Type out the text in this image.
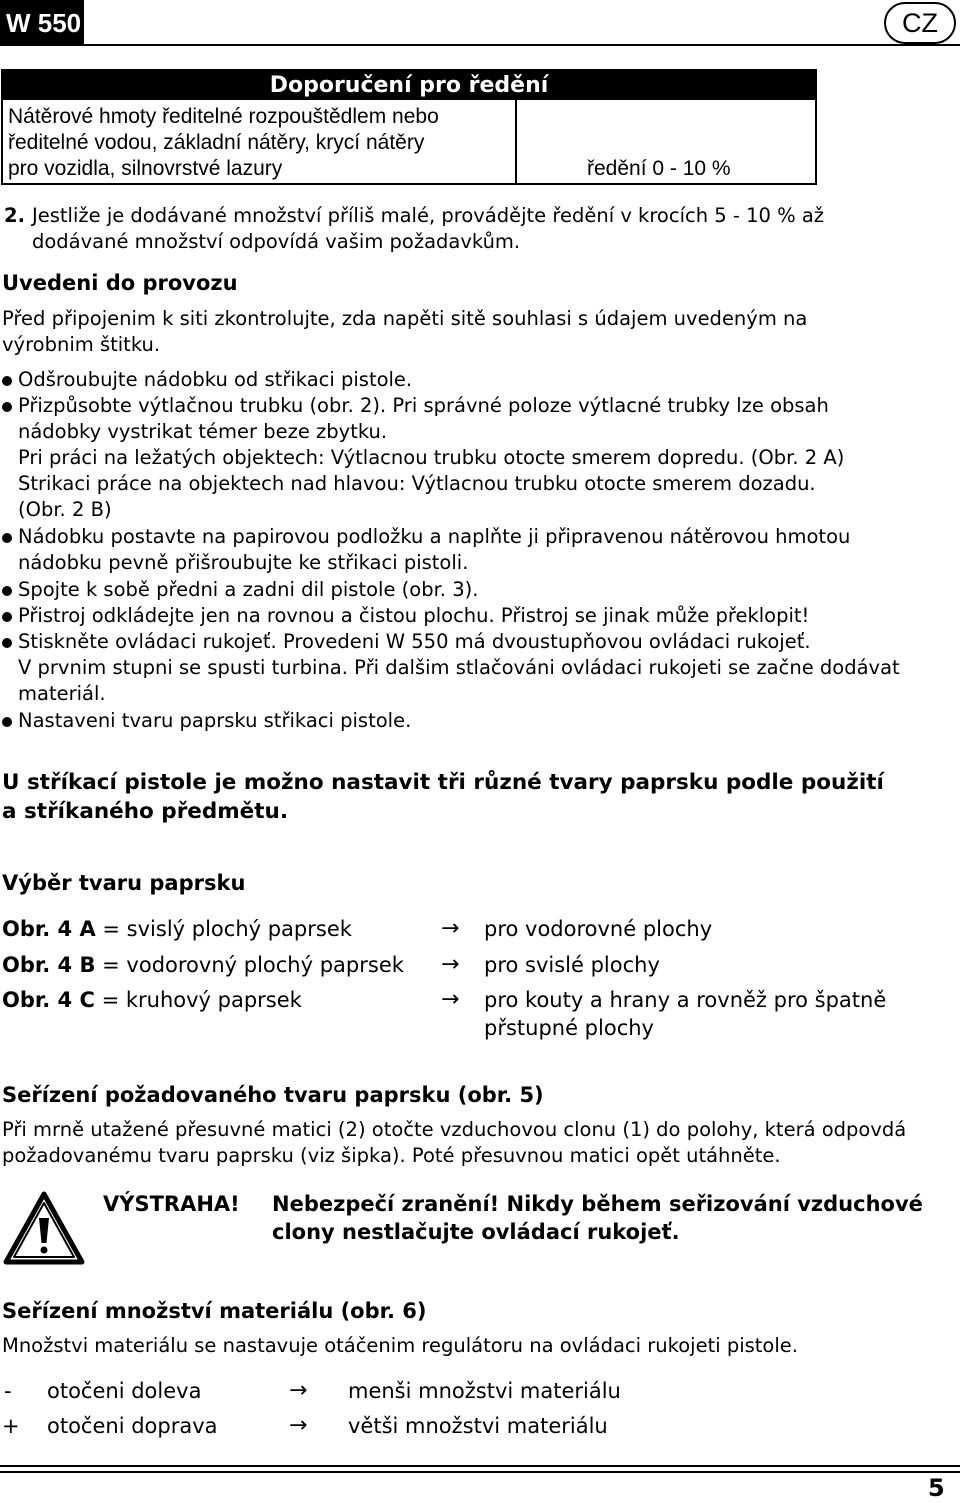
W 550	CZ
Doporučení pro ředění
Nátěrové hmoty ředitelné rozpouštědlem nebo
ředitelné vodou, základní nátěry, krycí nátěry
pro vozidla, silnovrstvé lazury	ředění 0 - 10 %
2. Jestliže je dodávané množství příliš malé, provádějte ředění v krocích 5 - 10 % až
dodávané množství odpovídá vašim požadavkům.
Uvedeni do provozu
Před připojenim k siti zkontrolujte, zda napěti sitě souhlasi s údajem uvedeným na
výrobnim štitku.
Odšroubujte nádobku od střikaci pistole.
Přizpůsobte výtlačnou trubku (obr. 2). Pri správné poloze výtlacné trubky lze obsah
nádobky vystrikat témer beze zbytku.
Pri práci na ležatých objektech: Výtlacnou trubku otocte smerem dopredu. (Obr. 2 A)
Strikaci práce na objektech nad hlavou: Výtlacnou trubku otocte smerem dozadu.
(Obr. 2 B)
Nádobku postavte na papirovou podložku a naplňte ji připravenou nátěrovou hmotou
nádobku pevně přišroubujte ke střikaci pistoli.
Spojte k sobě předni a zadni dil pistole (obr. 3).
Přistroj odkládejte jen na rovnou a čistou plochu. Přistroj se jinak může překlopit!
Stiskněte ovládaci rukojeť. Provedeni W 550 má dvoustupňovou ovládaci rukojeť.
V prvnim stupni se spusti turbina. Při dalšim stlačováni ovládaci rukojeti se začne dodávat
materiál.
Nastaveni tvaru paprsku střikaci pistole.
U stříkací pistole je možno nastavit tři různé tvary paprsku podle použití
a stříkaného předmětu.
Výběr tvaru paprsku
Obr. 4 A = svislý plochý paprsek	→ pro vodorovné plochy
Obr. 4 B = vodorovný plochý paprsek → pro svislé plochy
Obr. 4 C = kruhový paprsek	→ pro kouty a hrany a rovněž pro špatně
přstupné plochy
Seřízení požadovaného tvaru paprsku (obr. 5)
Při mrně utažené přesuvné matici (2) otočte vzduchovou clonu (1) do polohy, která odpovdá
požadovanému tvaru paprsku (viz šipka). Poté přesuvnou matici opět utáhněte.
VÝSTRAHA! Nebezpečí zranění! Nikdy během seřizování vzduchové
clony nestlačujte ovládací rukojeť.
Seřízení množství materiálu (obr. 6)
Množstvi materiálu se nastavuje otáčenim regulátoru na ovládaci rukojeti pistole.
- otočeni doleva	→ menši množstvi materiálu
+ otočeni doprava	→ větši množstvi materiálu
5
